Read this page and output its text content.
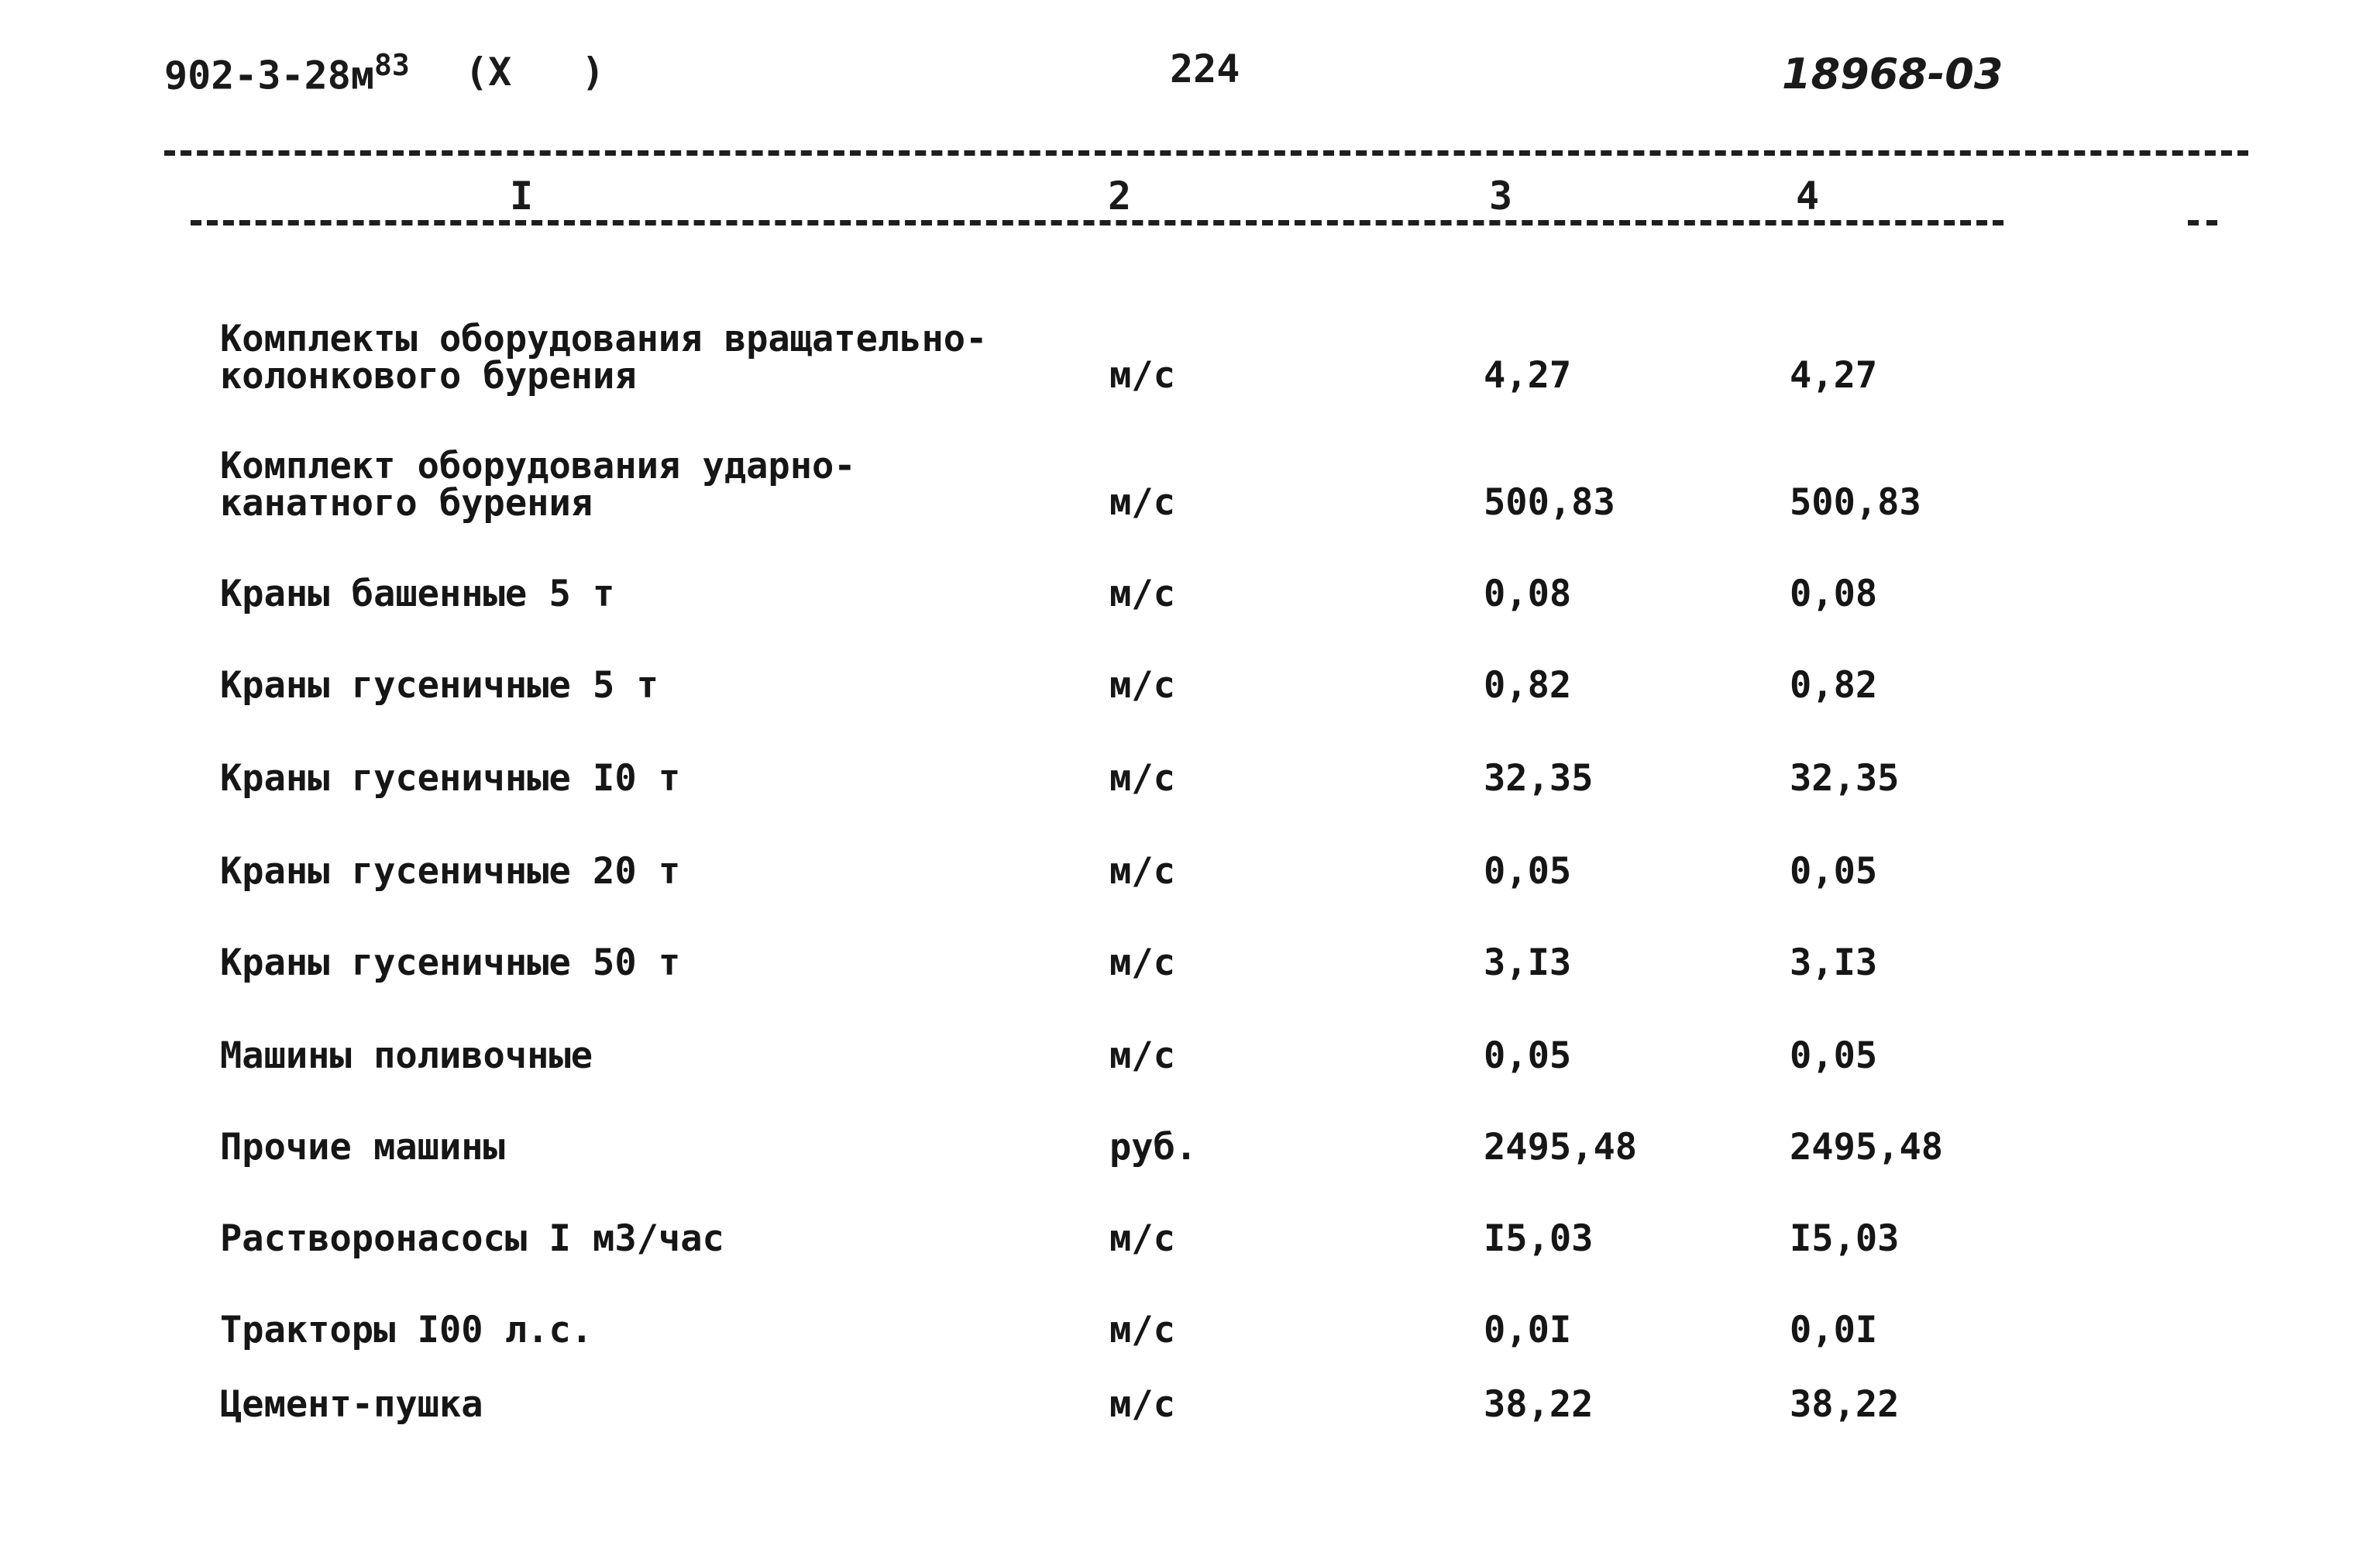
$902-3-28м^{83}$ (Х   )	224	18968-03
I	2	3	4
Комплекты оборудования вращательно-
колонкового бурения	м/с	4,27	4,27
Комплект оборудования ударно-
канатного бурения	м/с	500,83	500,83
Краны башенные 5 т	м/с	0,08	0,08
Краны гусеничные 5 т	м/с	0,82	0,82
Краны гусеничные I0 т	м/с	32,35	32,35
Краны гусеничные 20 т	м/с	0,05	0,05
Краны гусеничные 50 т	м/с	3,I3	3,I3
Машины поливочные	м/с	0,05	0,05
Прочие машины	руб.	2495,48	2495,48
Растворонасосы I м3/час	м/с	I5,03	I5,03
Тракторы I00 л.с.	м/с	0,0I	0,0I
Цемент-пушка	м/с	38,22	38,22
